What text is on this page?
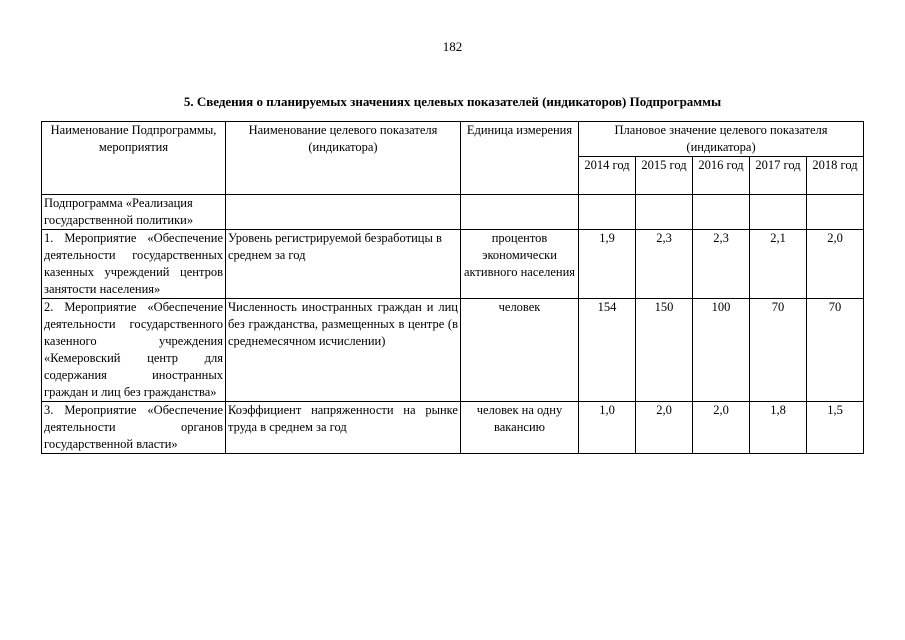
182
5. Сведения о планируемых значениях целевых показателей (индикаторов) Подпрограммы
Наименование Подпрограммы, мероприятия	Наименование целевого показателя (индикатора)	Единица измерения	Плановое значение целевого показателя (индикатора)				
			2014 год	2015 год	2016 год	2017 год	2018 год
Подпрограмма «Реализация государственной политики»							
1. Мероприятие «Обеспечение деятельности государственных казенных учреждений центров занятости населения»	Уровень регистрируемой безработицы в среднем за год	процентов экономически активного населения	1,9	2,3	2,3	2,1	2,0
2. Мероприятие «Обеспечение деятельности государственного казенного учреждения «Кемеровский центр для содержания иностранных граждан и лиц без гражданства»	Численность иностранных граждан и лиц без гражданства, размещенных в центре (в среднемесячном исчислении)	человек	154	150	100	70	70
3. Мероприятие «Обеспечение деятельности органов государственной власти»	Коэффициент напряженности на рынке труда в среднем за год	человек на одну вакансию	1,0	2,0	2,0	1,8	1,5
